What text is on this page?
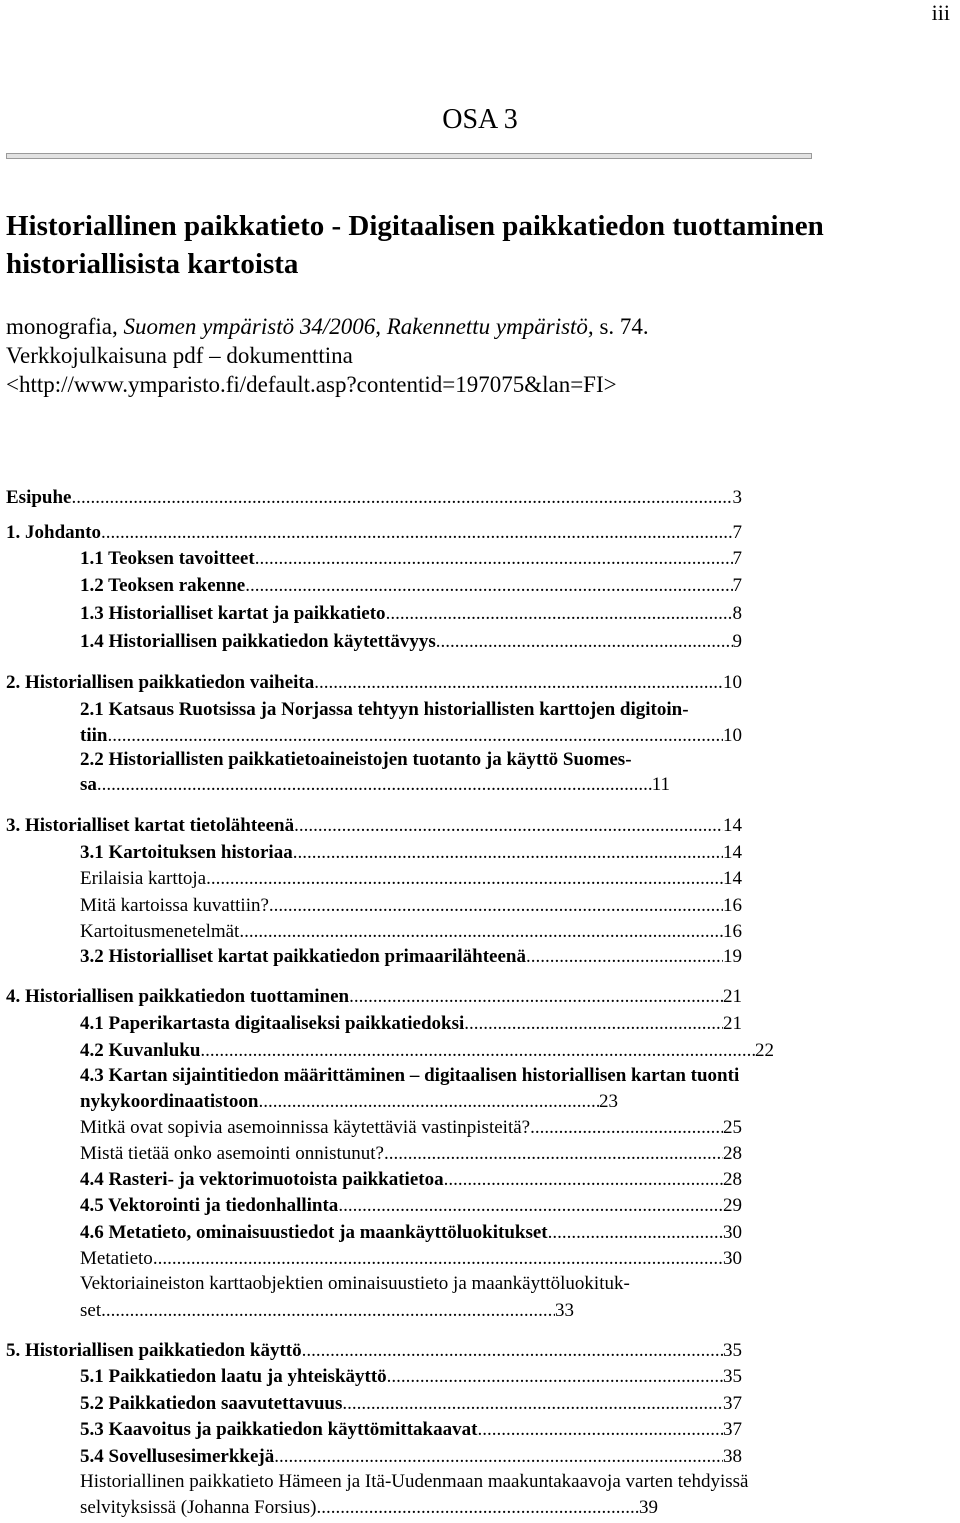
iii
OSA 3
Historiallinen paikkatieto - Digitaalisen paikkatiedon tuottaminen
historiallisista kartoista
monografia, Suomen ympäristö 34/2006, Rakennettu ympäristö, s. 74.
Verkkojulkaisuna pdf – dokumenttina
<http://www.ymparisto.fi/default.asp?contentid=197075&lan=FI>
Esipuhe .....	3
1. Johdanto .....	7
1.1 Teoksen tavoitteet .....	7
1.2 Teoksen rakenne .....	7
1.3 Historialliset kartat ja paikkatieto .....	8
1.4 Historiallisen paikkatiedon käytettävyys .....	9
2. Historiallisen paikkatiedon vaiheita .....	10
2.1 Katsaus Ruotsissa ja Norjassa tehtyyn historiallisten karttojen digitoin-
tiin .....	10
2.2 Historiallisten paikkatietoaineistojen tuotanto ja käyttö Suomes-
sa .....	11
3. Historialliset kartat tietolähteenä .....	14
3.1 Kartoituksen historiaa .....	14
Erilaisia karttoja .....	14
Mitä kartoissa kuvattiin? .....	16
Kartoitusmenetelmät .....	16
3.2 Historialliset kartat paikkatiedon primaarilähteenä .....	19
4. Historiallisen paikkatiedon tuottaminen .....	21
4.1 Paperikartasta digitaaliseksi paikkatiedoksi .....	21
4.2 Kuvanluku .....	22
4.3 Kartan sijaintitiedon määrittäminen – digitaalisen historiallisen kartan tuonti
nykykoordinaatistoon .....	23
Mitkä ovat sopivia asemoinnissa käytettäviä vastinpisteitä? .....	25
Mistä tietää onko asemointi onnistunut? .....	28
4.4 Rasteri- ja vektorimuotoista paikkatietoa .....	28
4.5 Vektorointi ja tiedonhallinta .....	29
4.6 Metatieto, ominaisuustiedot ja maankäyttöluokitukset .....	30
Metatieto .....	30
Vektoriaineiston karttaobjektien ominaisuustieto ja maankäyttöluokituk-
set .....	33
5. Historiallisen paikkatiedon käyttö .....	35
5.1 Paikkatiedon laatu ja yhteiskäyttö .....	35
5.2 Paikkatiedon saavutettavuus .....	37
5.3 Kaavoitus ja paikkatiedon käyttömittakaavat .....	37
5.4 Sovellusesimerkkejä .....	38
Historiallinen paikkatieto Hämeen ja Itä-Uudenmaan maakuntakaavoja varten tehdyissä
selvityksissä (Johanna Forsius) .....	39
